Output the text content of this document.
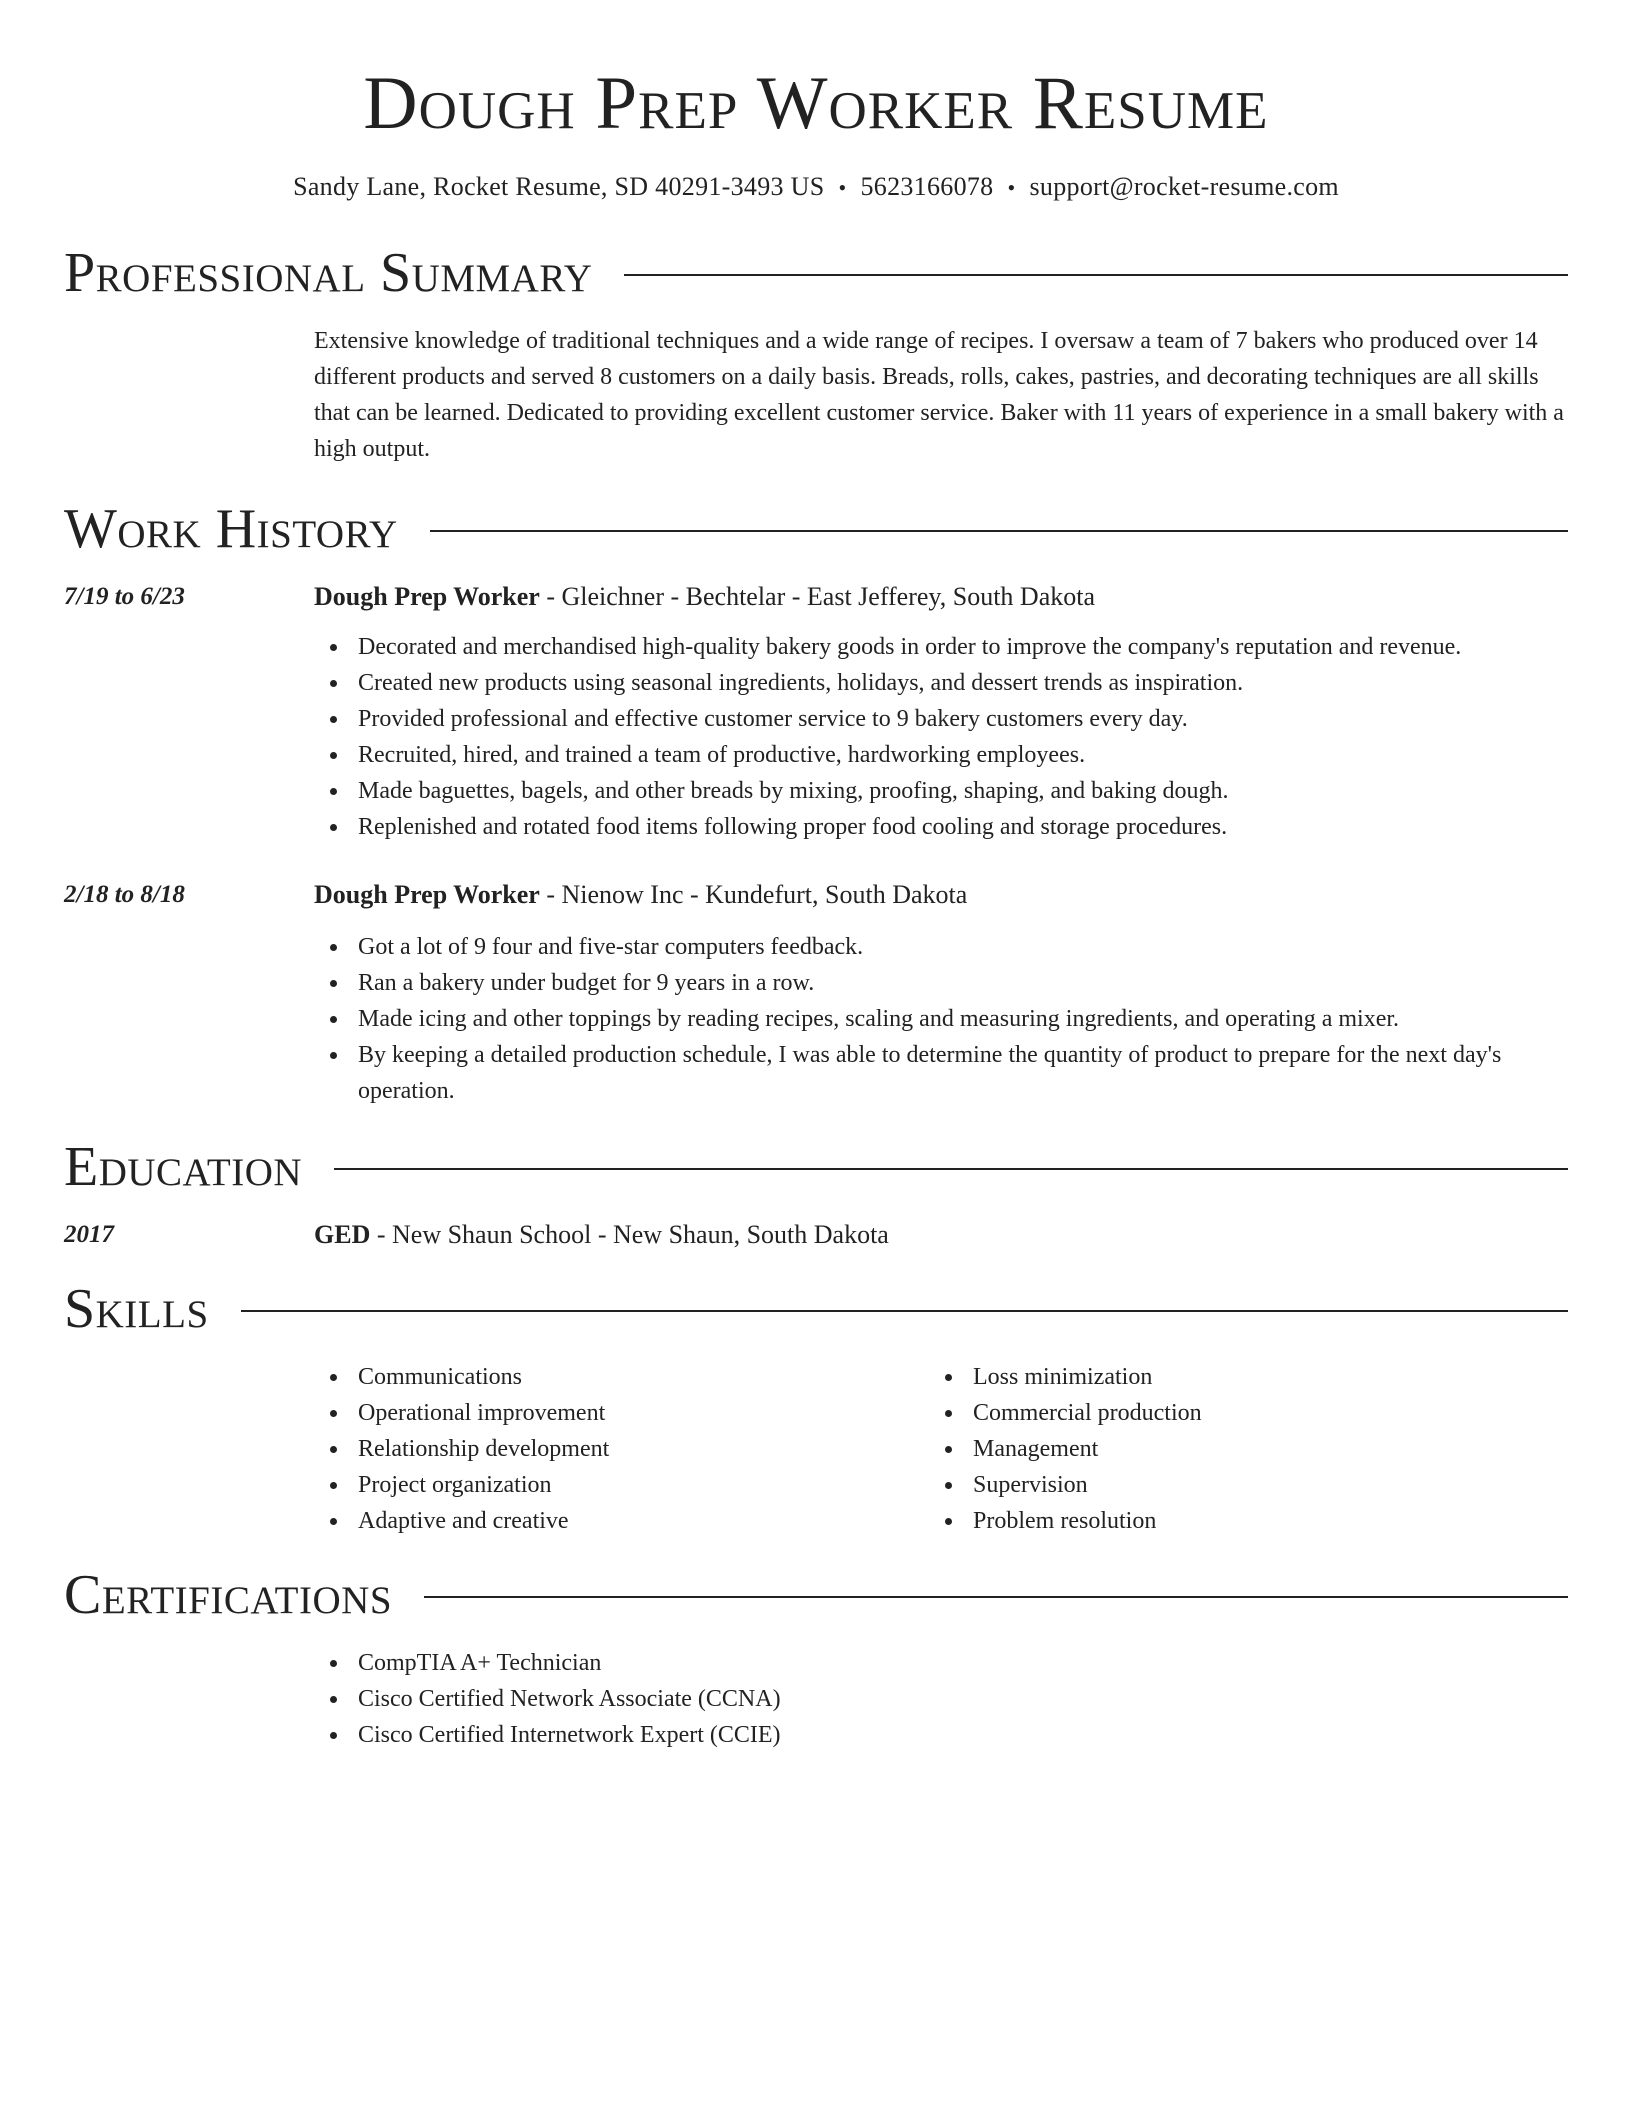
Dough Prep Worker Resume
Sandy Lane, Rocket Resume, SD 40291-3493 US • 5623166078 • support@rocket-resume.com
Professional Summary

Extensive knowledge of traditional techniques and a wide range of recipes. I oversaw a team of 7 bakers who produced over 14 different products and served 8 customers on a daily basis. Breads, rolls, cakes, pastries, and decorating techniques are all skills that can be learned. Dedicated to providing excellent customer service. Baker with 11 years of experience in a small bakery with a high output.

Work History
7/19 to 6/23	Dough Prep Worker - Gleichner - Bechtelar - East Jefferey, South Dakota
Decorated and merchandised high-quality bakery goods in order to improve the company's reputation and revenue.
Created new products using seasonal ingredients, holidays, and dessert trends as inspiration.
Provided professional and effective customer service to 9 bakery customers every day.
Recruited, hired, and trained a team of productive, hardworking employees.
Made baguettes, bagels, and other breads by mixing, proofing, shaping, and baking dough.
Replenished and rotated food items following proper food cooling and storage procedures.
2/18 to 8/18	Dough Prep Worker - Nienow Inc - Kundefurt, South Dakota
Got a lot of 9 four and five-star computers feedback.
Ran a bakery under budget for 9 years in a row.
Made icing and other toppings by reading recipes, scaling and measuring ingredients, and operating a mixer.
By keeping a detailed production schedule, I was able to determine the quantity of product to prepare for the next day's operation.
Education
2017	GED - New Shaun School - New Shaun, South Dakota
Skills
Communications
Operational improvement
Relationship development
Project organization
Adaptive and creative
Loss minimization
Commercial production
Management
Supervision
Problem resolution
Certifications
CompTIA A+ Technician
Cisco Certified Network Associate (CCNA)
Cisco Certified Internetwork Expert (CCIE)
